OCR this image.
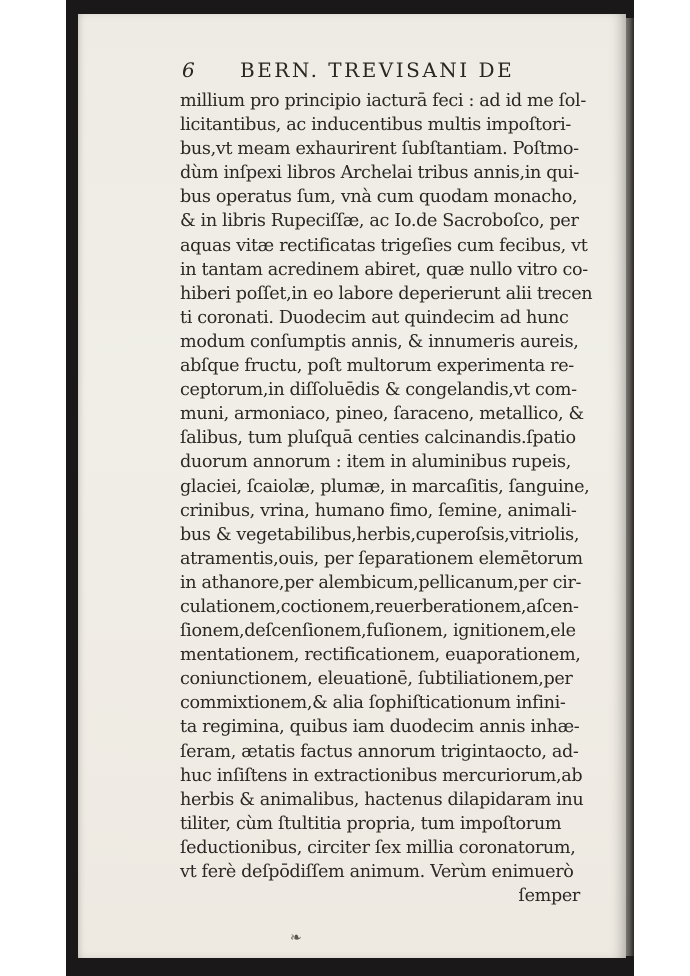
6 BERN. TREVISANI DE
millium pro principio iacturā feci : ad id me ſol-
licitantibus, ac inducentibus multis impoſtori-
bus,vt meam exhaurirent ſubſtantiam. Poſtmo-
dùm inſpexi libros Archelai tribus annis,in qui-
bus operatus ſum, vnà cum quodam monacho,
& in libris Rupeciſſæ, ac Io.de Sacroboſco, per
aquas vitæ rectificatas trigeſies cum fecibus, vt
in tantam acredinem abiret, quæ nullo vitro co-
hiberi poſſet,in eo labore deperierunt alii trecen
ti coronati. Duodecim aut quindecim ad hunc
modum conſumptis annis, & innumeris aureis,
abſque fructu, poſt multorum experimenta re-
ceptorum,in diſſoluēdis & congelandis,vt com-
muni, armoniaco, pineo, ſaraceno, metallico, &
ſalibus, tum pluſquā centies calcinandis.ſpatio
duorum annorum : item in aluminibus rupeis,
glaciei, ſcaiolæ, plumæ, in marcaſitis, ſanguine,
crinibus, vrina, humano fimo, ſemine, animali-
bus & vegetabilibus,herbis,cuperoſsis,vitriolis,
atramentis,ouis, per ſeparationem elemētorum
in athanore,per alembicum,pellicanum,per cir-
culationem,coctionem,reuerberationem,aſcen-
ſionem,deſcenſionem,fuſionem, ignitionem,ele
mentationem, rectificationem, euaporationem,
coniunctionem, eleuationē, ſubtiliationem,per
commixtionem,& alia ſophiſticationum infini-
ta regimina, quibus iam duodecim annis inhæ-
ſeram, ætatis factus annorum trigintaocto, ad-
huc inſiſtens in extractionibus mercuriorum,ab
herbis & animalibus, hactenus dilapidaram inu
tiliter, cùm ſtultitia propria, tum impoſtorum
ſeductionibus, circiter ſex millia coronatorum,
vt ferè deſpōdiſſem animum. Verùm enimuerò
ſemper
❧
